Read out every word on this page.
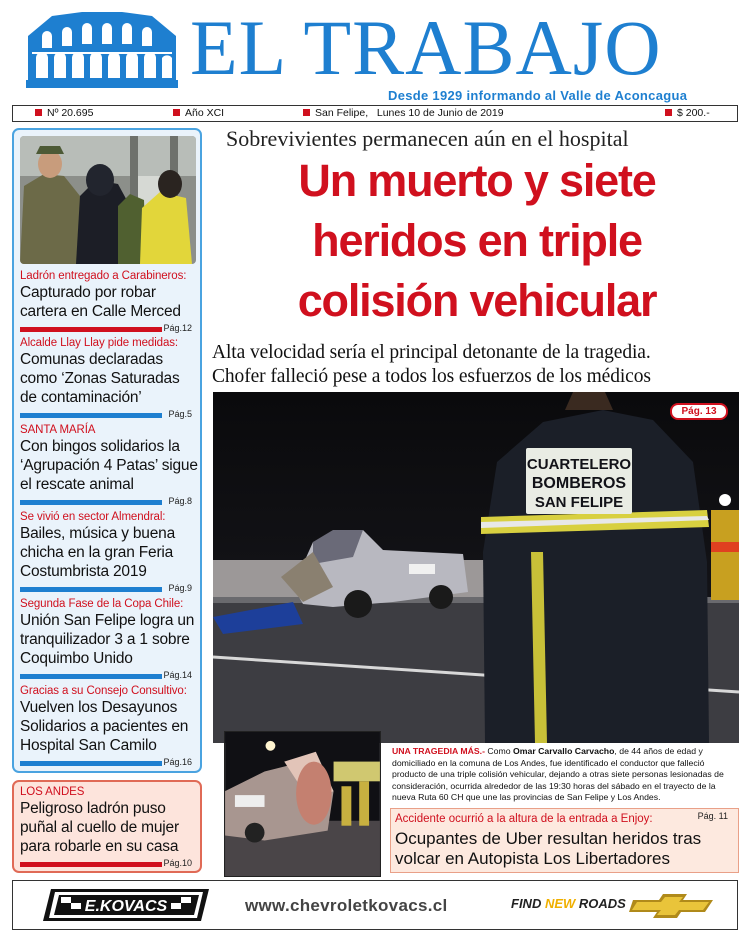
EL TRABAJO
Desde 1929 informando al Valle de Aconcagua
Nº 20.695	Año XCI	San Felipe,   Lunes 10 de Junio de 2019	$ 200.-
Ladrón entregado a Carabineros:
Capturado por robar cartera en Calle Merced
Pág.12
Alcalde Llay Llay pide medidas:
Comunas declaradas como ‘Zonas Saturadas de contaminación’
Pág.5
SANTA MARÍA
Con bingos solidarios la ‘Agrupación 4 Patas’ sigue el rescate animal
Pág.8
Se vivió en sector Almendral:
Bailes, música y buena chicha en la gran Feria Costumbrista 2019
Pág.9
Segunda Fase de la Copa Chile:
Unión San Felipe logra un tranquilizador 3 a 1 sobre Coquimbo Unido
Pág.14
Gracias a su Consejo Consultivo:
Vuelven los Desayunos Solidarios a pacientes en Hospital San Camilo
Pág.16
LOS ANDES
Peligroso ladrón puso puñal al cuello de mujer para robarle en su casa
Pág.10
Sobrevivientes permanecen aún en el hospital
Un muerto y siete
heridos en triple
colisión vehicular
Alta velocidad sería el principal detonante de la tragedia.
Chofer falleció pese a todos los esfuerzos de los médicos
CUARTELERO
BOMBEROS
SAN FELIPE
Pág. 13
UNA TRAGEDIA MÁS.- Como Omar Carvallo Carvacho, de 44 años de edad y domiciliado en la comuna de Los Andes, fue identificado el conductor que falleció producto de una triple colisión vehicular, dejando a otras siete personas lesionadas de consideración, ocurrida alrededor de las 19:30 horas del sábado en el trayecto de la nueva Ruta 60 CH que une las provincias de San Felipe y Los Andes.
Accidente ocurrió a la altura de la entrada a Enjoy:	Pág. 11
Ocupantes de Uber resultan heridos tras
volcar en Autopista Los Libertadores
E.KOVACS	www.chevroletkovacs.cl	FIND NEW ROADS
